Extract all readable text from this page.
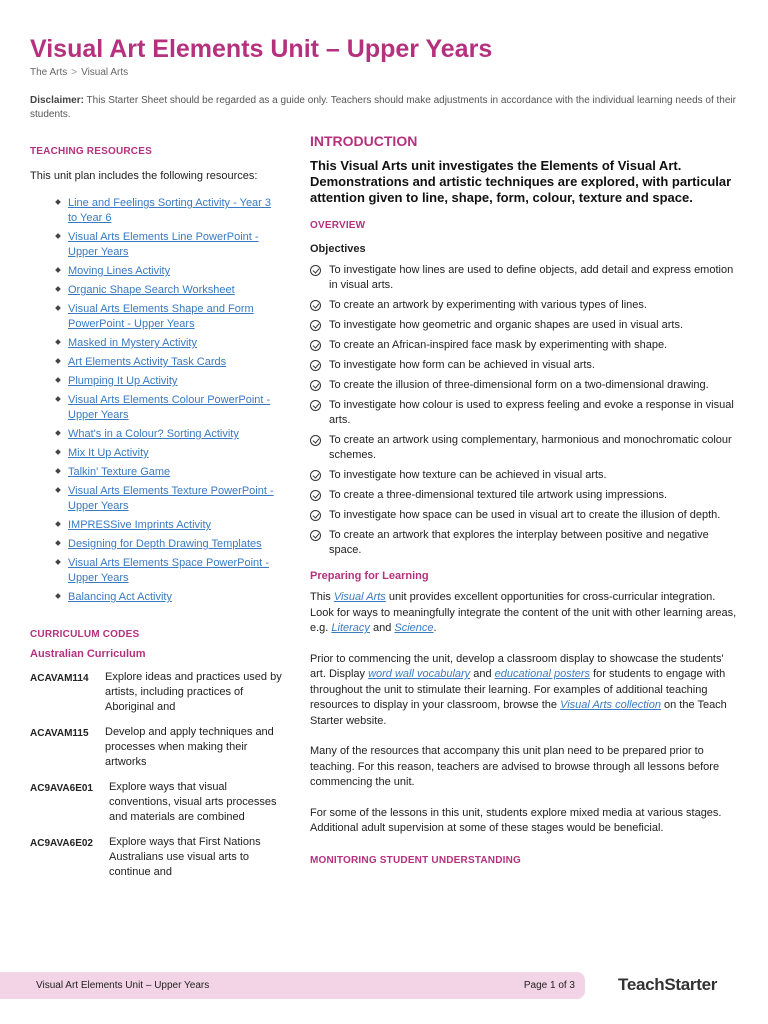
Visual Art Elements Unit – Upper Years
The Arts > Visual Arts
Disclaimer: This Starter Sheet should be regarded as a guide only. Teachers should make adjustments in accordance with the individual learning needs of their students.
TEACHING RESOURCES
This unit plan includes the following resources:
Line and Feelings Sorting Activity - Year 3 to Year 6
Visual Arts Elements Line PowerPoint - Upper Years
Moving Lines Activity
Organic Shape Search Worksheet
Visual Arts Elements Shape and Form PowerPoint - Upper Years
Masked in Mystery Activity
Art Elements Activity Task Cards
Plumping It Up Activity
Visual Arts Elements Colour PowerPoint - Upper Years
What's in a Colour? Sorting Activity
Mix It Up Activity
Talkin' Texture Game
Visual Arts Elements Texture PowerPoint - Upper Years
IMPRESSive Imprints Activity
Designing for Depth Drawing Templates
Visual Arts Elements Space PowerPoint - Upper Years
Balancing Act Activity
CURRICULUM CODES
Australian Curriculum
ACAVAM114	Explore ideas and practices used by artists, including practices of Aboriginal and
ACAVAM115	Develop and apply techniques and processes when making their artworks
AC9AVA6E01	Explore ways that visual conventions, visual arts processes and materials are combined
AC9AVA6E02	Explore ways that First Nations Australians use visual arts to continue and
INTRODUCTION
This Visual Arts unit investigates the Elements of Visual Art. Demonstrations and artistic techniques are explored, with particular attention given to line, shape, form, colour, texture and space.
OVERVIEW
Objectives
To investigate how lines are used to define objects, add detail and express emotion in visual arts.
To create an artwork by experimenting with various types of lines.
To investigate how geometric and organic shapes are used in visual arts.
To create an African-inspired face mask by experimenting with shape.
To investigate how form can be achieved in visual arts.
To create the illusion of three-dimensional form on a two-dimensional drawing.
To investigate how colour is used to express feeling and evoke a response in visual arts.
To create an artwork using complementary, harmonious and monochromatic colour schemes.
To investigate how texture can be achieved in visual arts.
To create a three-dimensional textured tile artwork using impressions.
To investigate how space can be used in visual art to create the illusion of depth.
To create an artwork that explores the interplay between positive and negative space.
Preparing for Learning
This Visual Arts unit provides excellent opportunities for cross-curricular integration. Look for ways to meaningfully integrate the content of the unit with other learning areas, e.g. Literacy and Science.
Prior to commencing the unit, develop a classroom display to showcase the students' art. Display word wall vocabulary and educational posters for students to engage with throughout the unit to stimulate their learning. For examples of additional teaching resources to display in your classroom, browse the Visual Arts collection on the Teach Starter website.
Many of the resources that accompany this unit plan need to be prepared prior to teaching. For this reason, teachers are advised to browse through all lessons before commencing the unit.
For some of the lessons in this unit, students explore mixed media at various stages. Additional adult supervision at some of these stages would be beneficial.
MONITORING STUDENT UNDERSTANDING
Visual Art Elements Unit – Upper Years	Page 1 of 3	TeachStarter
